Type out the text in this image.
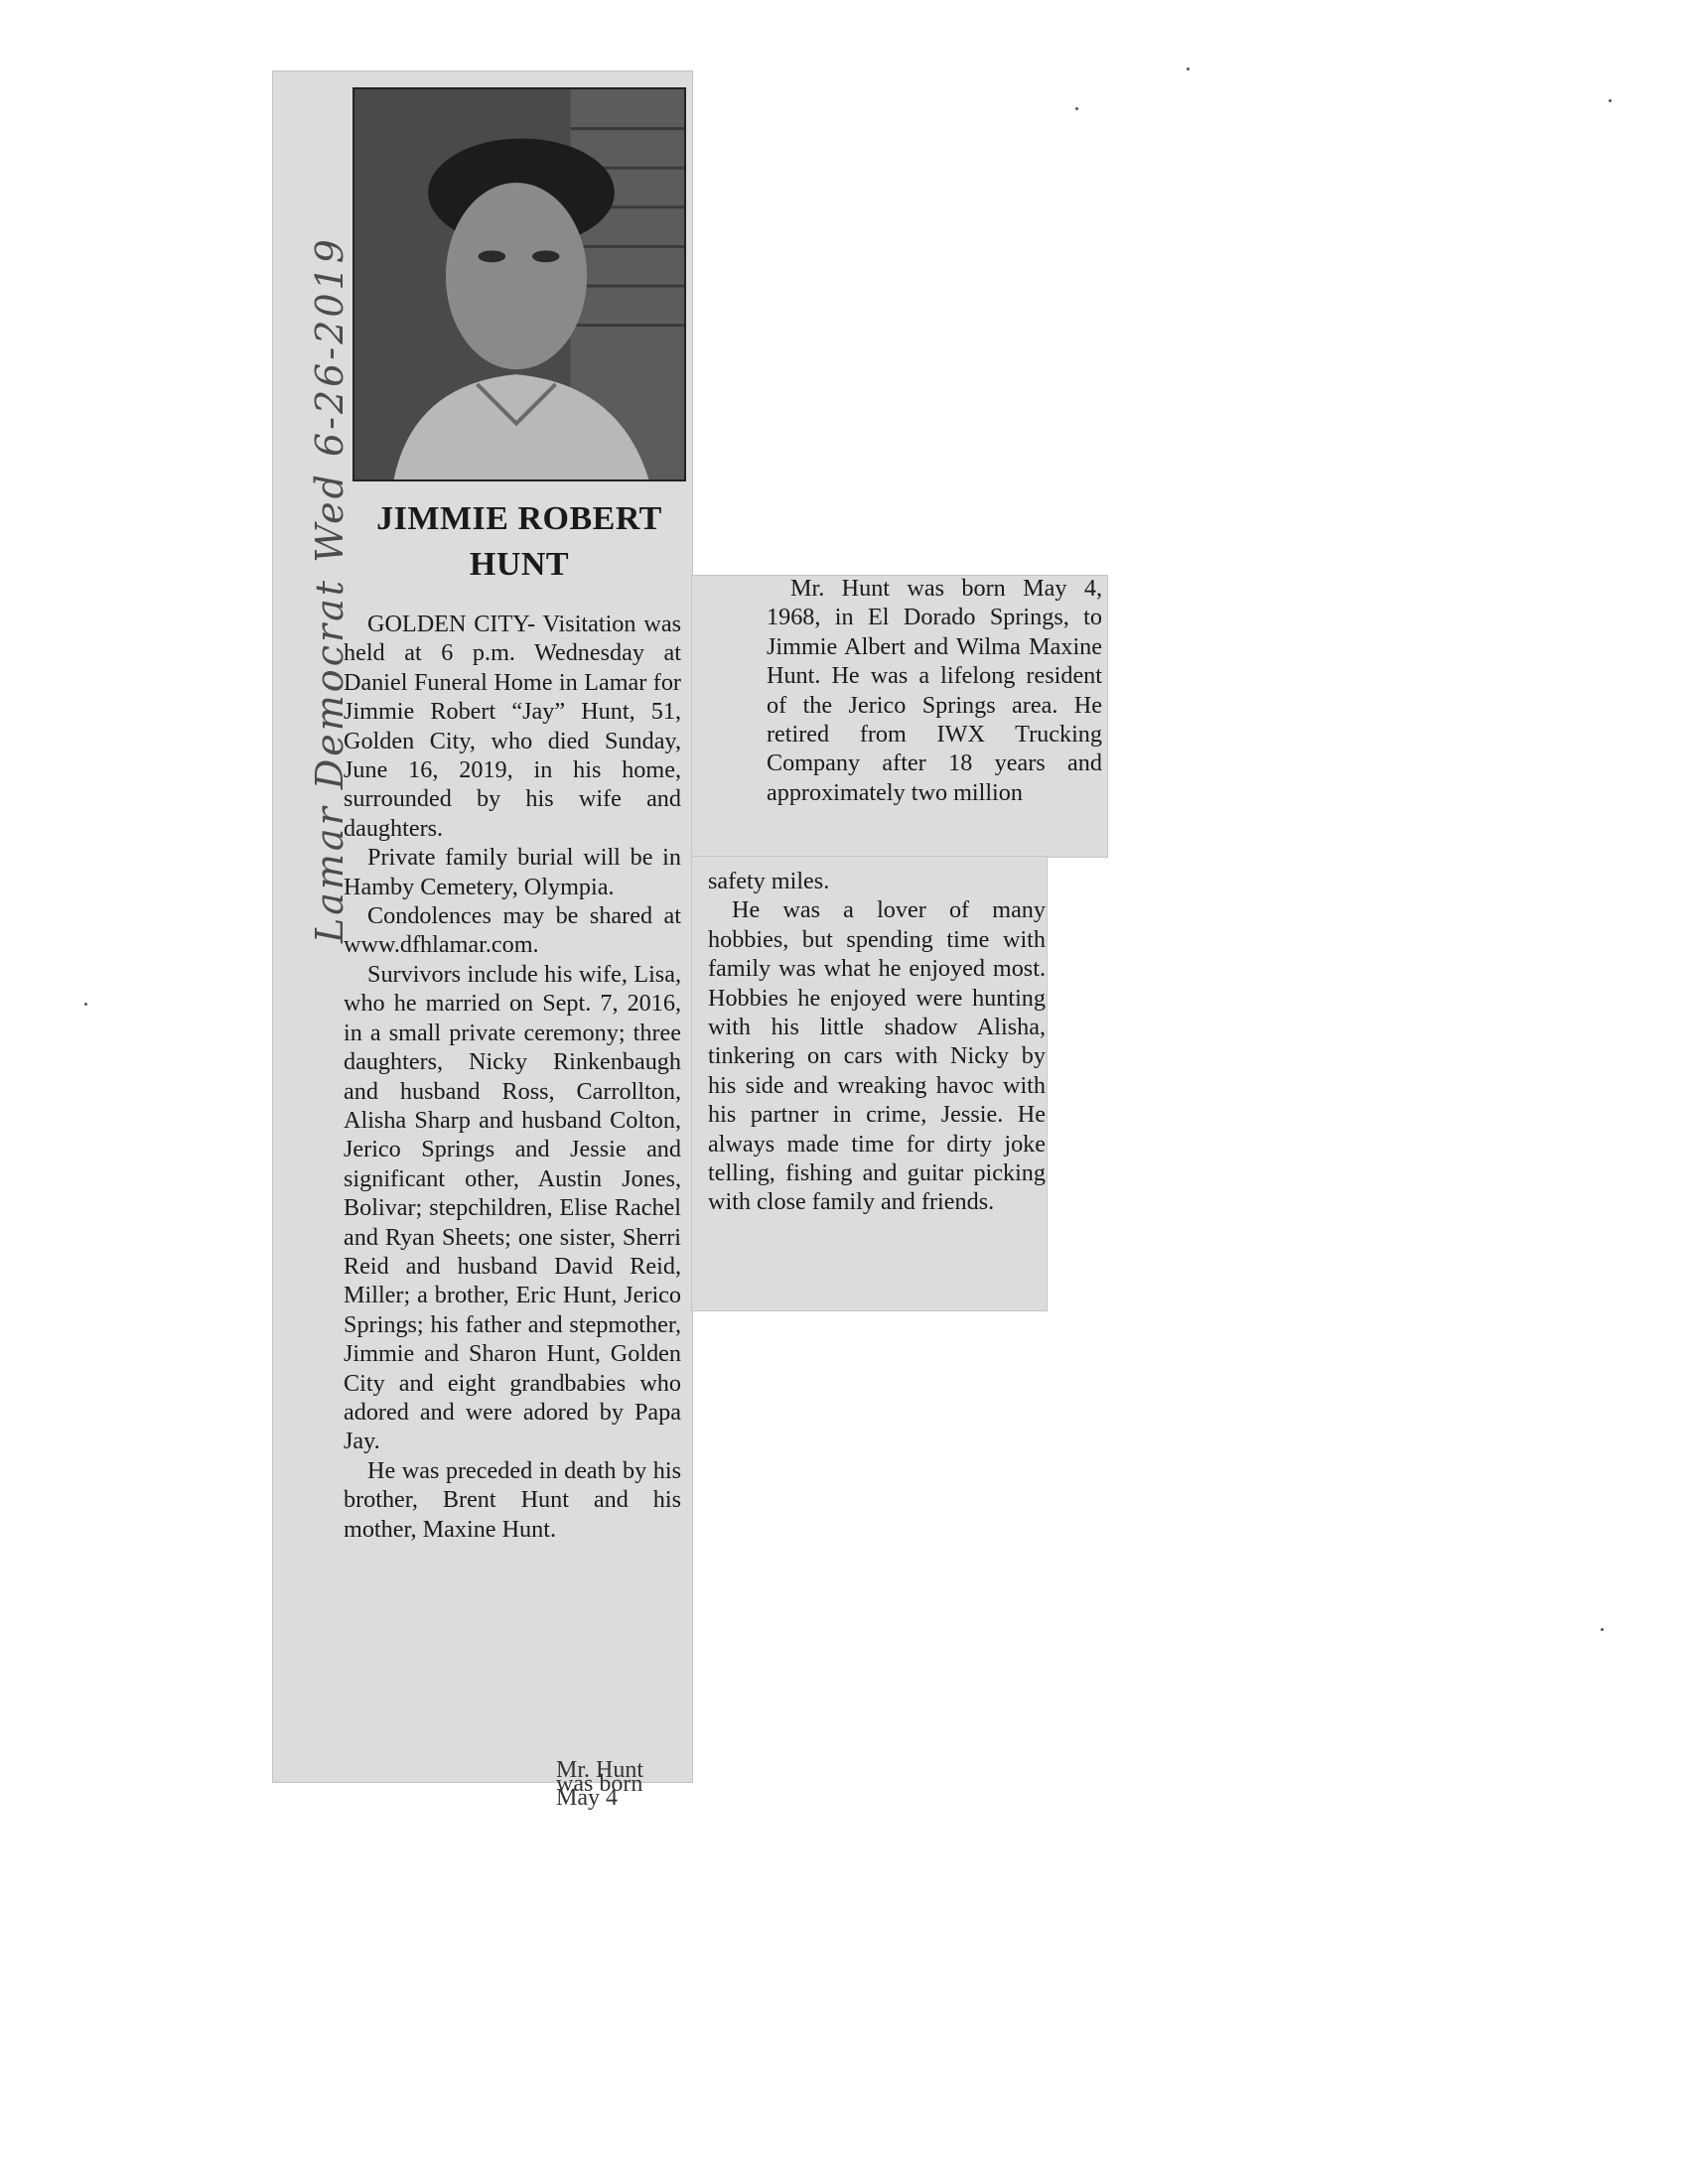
Lamar Democrat Wed 6-26-2019 JIMMIE ROBERT
HUNT

GOLDEN CITY- Visitation was held at 6 p.m. Wednesday at Daniel Funeral Home in Lamar for Jimmie Robert “Jay” Hunt, 51, Golden City, who died Sunday, June 16, 2019, in his home, surrounded by his wife and daughters.

Private family burial will be in Hamby Cemetery, Olympia.

Condolences may be shared at www.dfhlamar.com.

Survivors include his wife, Lisa, who he married on Sept. 7, 2016, in a small private ceremony; three daughters, Nicky Rinkenbaugh and husband Ross, Carrollton, Alisha Sharp and husband Colton, Jerico Springs and Jessie and significant other, Austin Jones, Bolivar; stepchildren, Elise Rachel and Ryan Sheets; one sister, Sherri Reid and husband David Reid, Miller; a brother, Eric Hunt, Jerico Springs; his father and stepmother, Jimmie and Sharon Hunt, Golden City and eight grandbabies who adored and were adored by Papa Jay.

He was preceded in death by his brother, Brent Hunt and his mother, Maxine Hunt.

Mr. Hunt was born May 4

Mr. Hunt was born May 4, 1968, in El Dorado Springs, to Jimmie Albert and Wilma Maxine Hunt. He was a lifelong resident of the Jerico Springs area. He retired from IWX Trucking Company after 18 years and approximately two million

safety miles.

He was a lover of many hobbies, but spending time with family was what he enjoyed most. Hobbies he enjoyed were hunting with his little shadow Alisha, tinkering on cars with Nicky by his side and wreaking havoc with his partner in crime, Jessie. He always made time for dirty joke telling, fishing and guitar picking with close family and friends.
